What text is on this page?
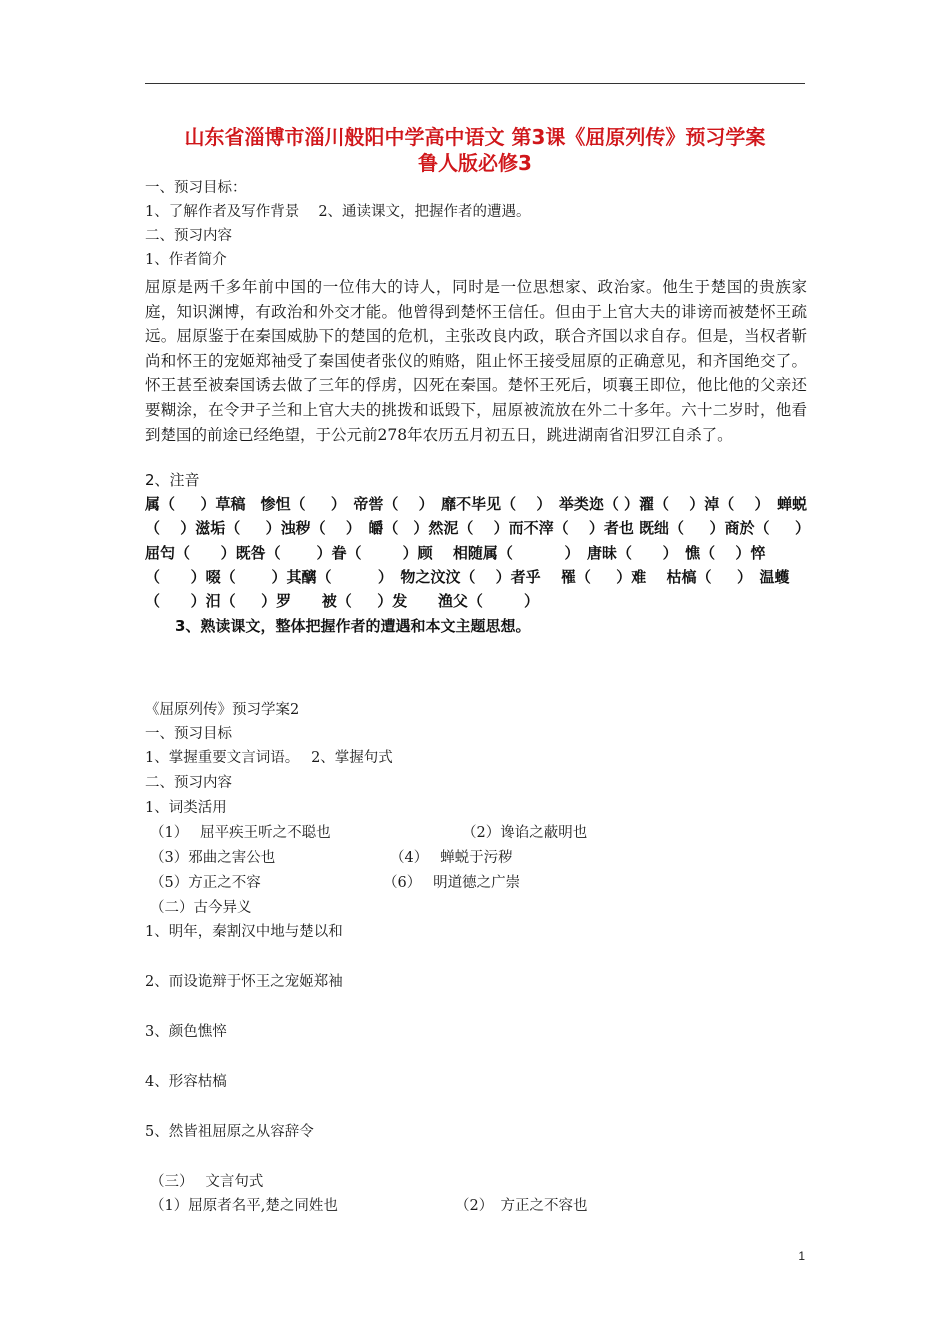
山东省淄博市淄川般阳中学高中语文 第3课《屈原列传》预习学案
鲁人版必修3
一、预习目标：
1、了解作者及写作背景　 2、通读课文，把握作者的遭遇。
二、预习内容
1、作者简介
屈原是两千多年前中国的一位伟大的诗人，同时是一位思想家、政治家。他生于楚国的贵族家庭，知识渊博，有政治和外交才能。他曾得到楚怀王信任。但由于上官大夫的诽谤而被楚怀王疏远。屈原鉴于在秦国威胁下的楚国的危机，主张改良内政，联合齐国以求自存。但是，当权者靳尚和怀王的宠姬郑袖受了秦国使者张仪的贿赂，阻止怀王接受屈原的正确意见，和齐国绝交了。怀王甚至被秦国诱去做了三年的俘虏，囚死在秦国。楚怀王死后，顷襄王即位，他比他的父亲还要糊涂，在令尹子兰和上官大夫的挑拨和诋毁下，屈原被流放在外二十多年。六十二岁时，他看到楚国的前途已经绝望，于公元前278年农历五月初五日，跳进湖南省汨罗江自杀了。
2、注音
属（　  ）草稿　惨怛（　  ）　帝喾（　 ）　靡不毕见（　 ）　举类迩（ ）濯（　 ）淖（　 ）　蝉蜕
（　 ）滋垢（　  ）浊秽（　 ）　皭（　）然泥（　 ）而不滓（　 ）者也 既绌（　  ）商於（　  ）
屈匄（　   ）既咎（　    ）眷（　     ）顾　 相随属（　       ）　唐昧（　   ）　憔（　 ）悴
（　   ）啜（　    ）其醨（　      ）　物之汶汶（　 ）者乎　 罹（　  ）难　 枯槁（　  ）　温蠖
（　   ）汨（　  ）罗　   被（　  ）发　   渔父（　     ）
3、熟读课文，整体把握作者的遭遇和本文主题思想。
《屈原列传》预习学案2
一、预习目标
1、掌握重要文言词语。　 2、掌握句式
二、预习内容
1、词类活用
（1）　 屈平疾王听之不聪也	（2）谗谄之蔽明也
（3）邪曲之害公也	（4）　 蝉蜕于污秽
（5）方正之不容	（6）　 明道德之广崇
（二）古今异义
1、明年，秦割汉中地与楚以和
2、而设诡辩于怀王之宠姬郑袖
3、颜色憔悴
4、形容枯槁
5、然皆祖屈原之从容辞令
（三）　 文言句式
（1）屈原者名平,楚之同姓也	（2）　方正之不容也
1
